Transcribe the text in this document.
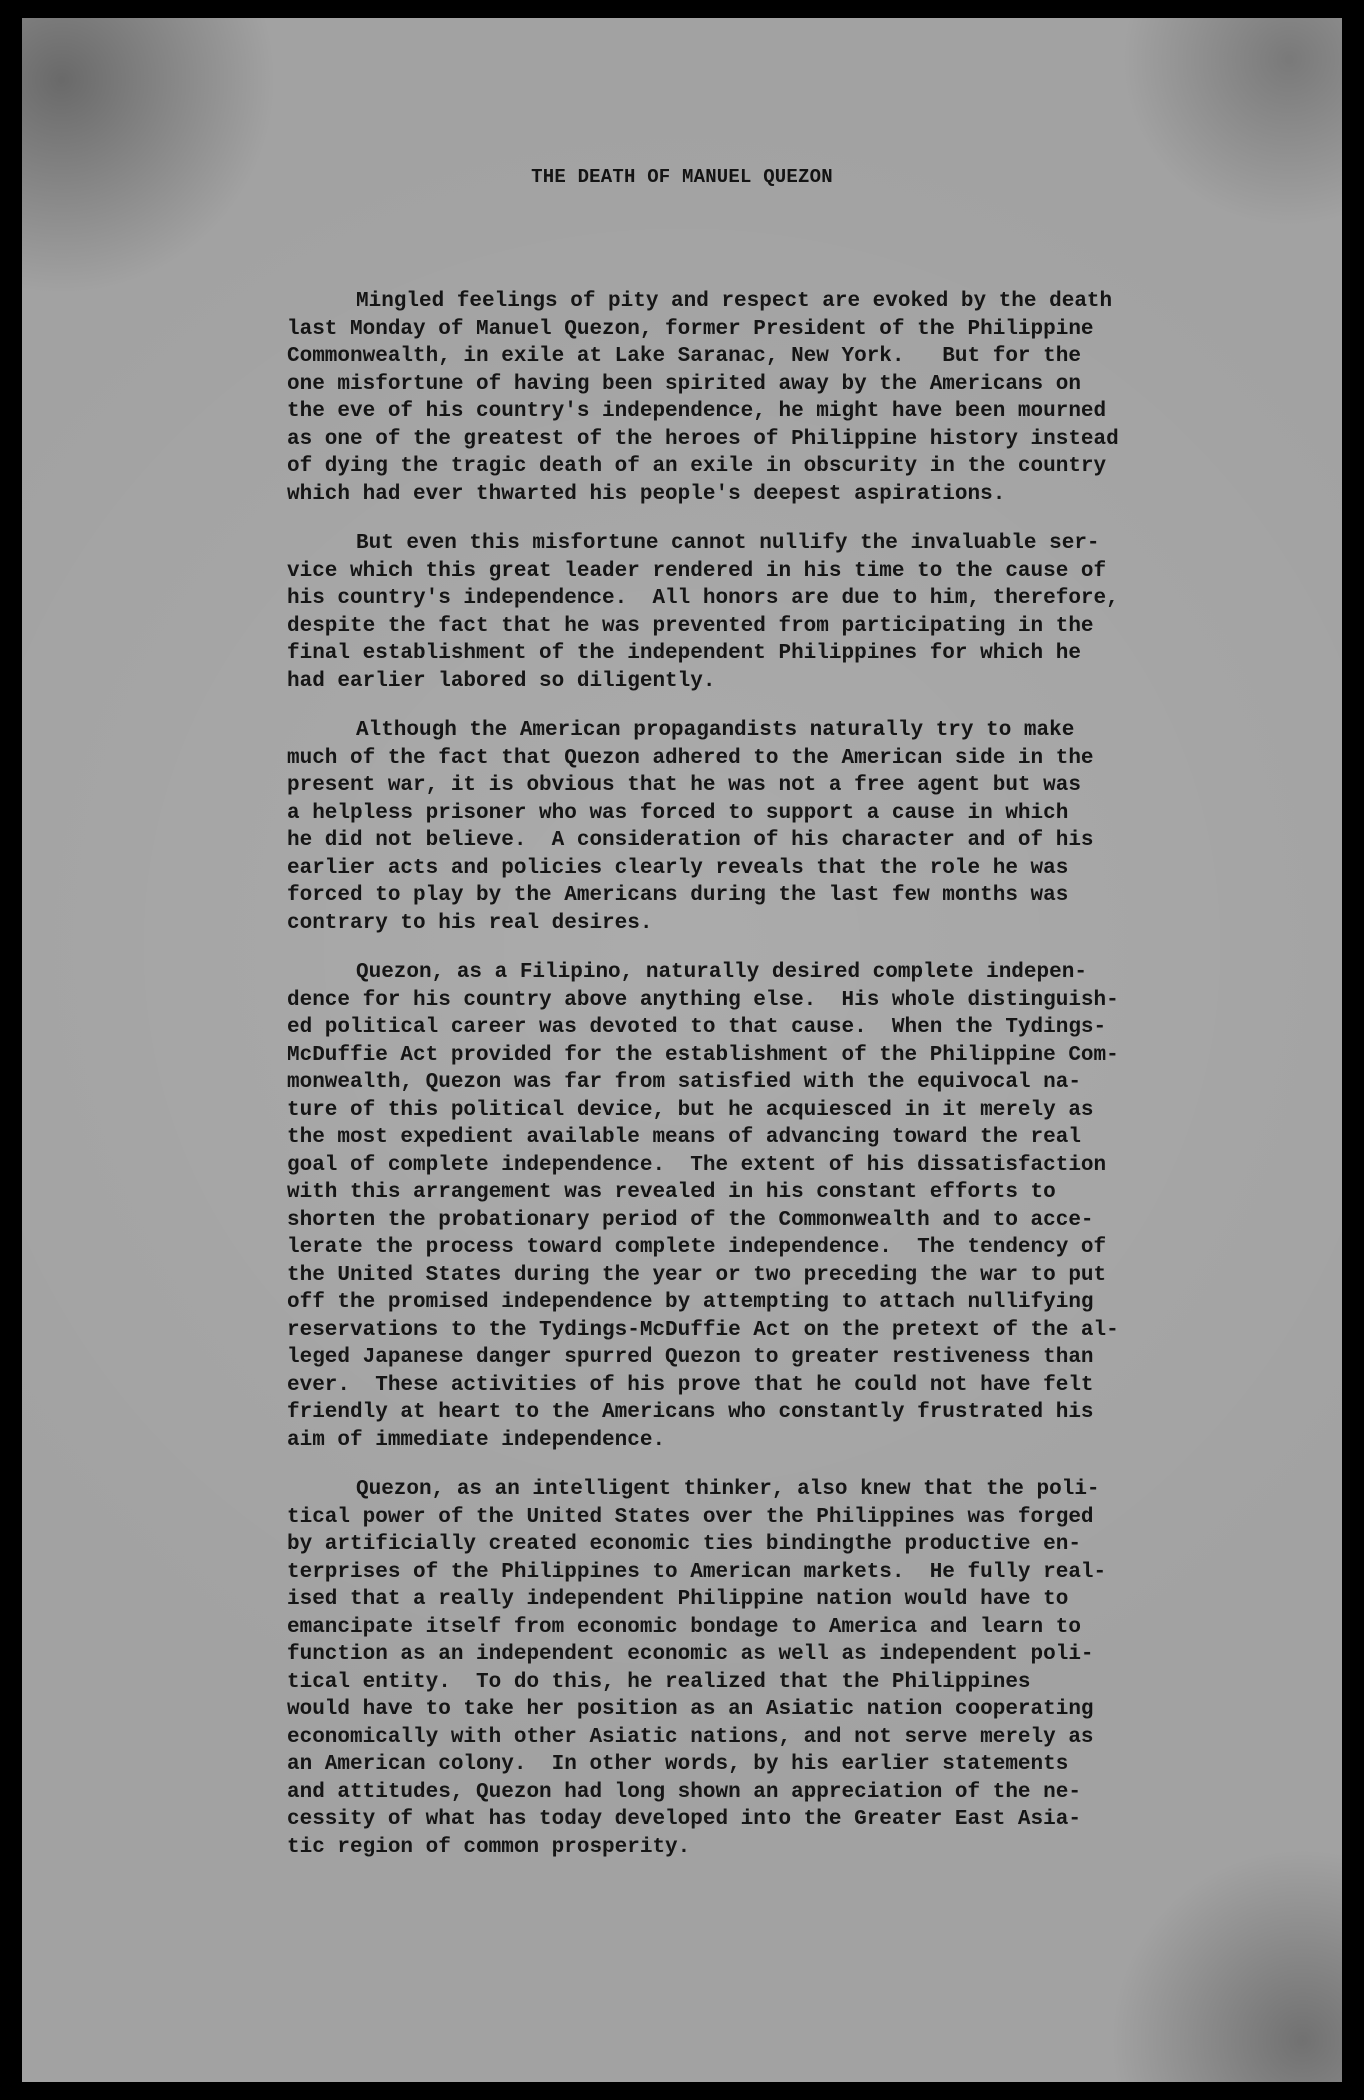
THE DEATH OF MANUEL QUEZON
Mingled feelings of pity and respect are evoked by the death
last Monday of Manuel Quezon, former President of the Philippine
Commonwealth, in exile at Lake Saranac, New York.   But for the
one misfortune of having been spirited away by the Americans on
the eve of his country's independence, he might have been mourned
as one of the greatest of the heroes of Philippine history instead
of dying the tragic death of an exile in obscurity in the country
which had ever thwarted his people's deepest aspirations.
But even this misfortune cannot nullify the invaluable ser-
vice which this great leader rendered in his time to the cause of
his country's independence.  All honors are due to him, therefore,
despite the fact that he was prevented from participating in the
final establishment of the independent Philippines for which he
had earlier labored so diligently.
Although the American propagandists naturally try to make
much of the fact that Quezon adhered to the American side in the
present war, it is obvious that he was not a free agent but was
a helpless prisoner who was forced to support a cause in which
he did not believe.  A consideration of his character and of his
earlier acts and policies clearly reveals that the role he was
forced to play by the Americans during the last few months was
contrary to his real desires.
Quezon, as a Filipino, naturally desired complete indepen-
dence for his country above anything else.  His whole distinguish-
ed political career was devoted to that cause.  When the Tydings-
McDuffie Act provided for the establishment of the Philippine Com-
monwealth, Quezon was far from satisfied with the equivocal na-
ture of this political device, but he acquiesced in it merely as
the most expedient available means of advancing toward the real
goal of complete independence.  The extent of his dissatisfaction
with this arrangement was revealed in his constant efforts to
shorten the probationary period of the Commonwealth and to acce-
lerate the process toward complete independence.  The tendency of
the United States during the year or two preceding the war to put
off the promised independence by attempting to attach nullifying
reservations to the Tydings-McDuffie Act on the pretext of the al-
leged Japanese danger spurred Quezon to greater restiveness than
ever.  These activities of his prove that he could not have felt
friendly at heart to the Americans who constantly frustrated his
aim of immediate independence.
Quezon, as an intelligent thinker, also knew that the poli-
tical power of the United States over the Philippines was forged
by artificially created economic ties bindingthe productive en-
terprises of the Philippines to American markets.  He fully real-
ised that a really independent Philippine nation would have to
emancipate itself from economic bondage to America and learn to
function as an independent economic as well as independent poli-
tical entity.  To do this, he realized that the Philippines
would have to take her position as an Asiatic nation cooperating
economically with other Asiatic nations, and not serve merely as
an American colony.  In other words, by his earlier statements
and attitudes, Quezon had long shown an appreciation of the ne-
cessity of what has today developed into the Greater East Asia-
tic region of common prosperity.
